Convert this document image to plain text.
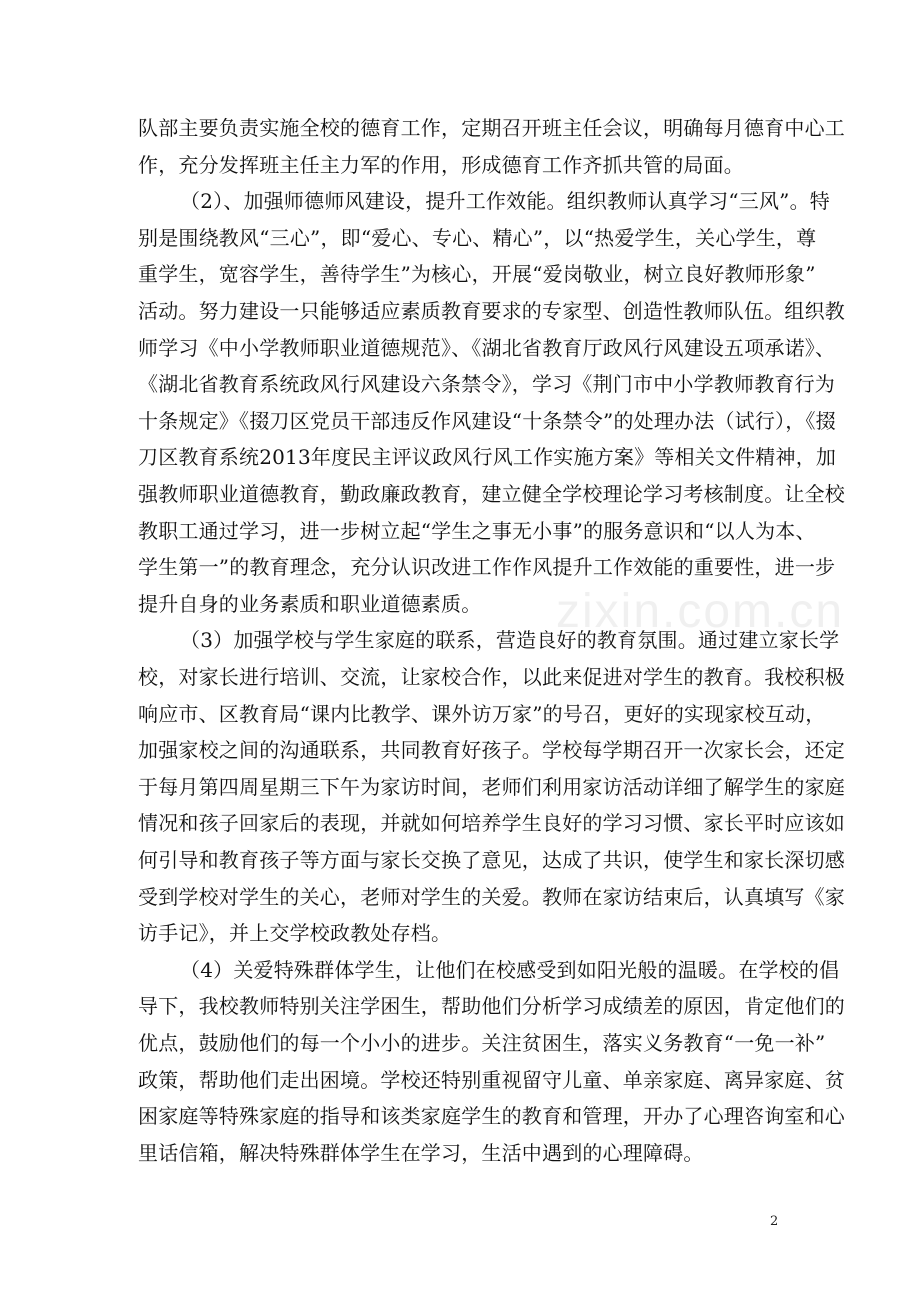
队部主要负责实施全校的德育工作，定期召开班主任会议，明确每月德育中心工
作，充分发挥班主任主力军的作用，形成德育工作齐抓共管的局面。
（2）、加强师德师风建设，提升工作效能。组织教师认真学习“三风”。特
别是围绕教风“三心”，即“爱心、专心、精心”，以“热爱学生，关心学生，尊
重学生，宽容学生，善待学生”为核心，开展“爱岗敬业，树立良好教师形象”
活动。努力建设一只能够适应素质教育要求的专家型、创造性教师队伍。组织教
师学习《中小学教师职业道德规范》、《湖北省教育厅政风行风建设五项承诺》、
《湖北省教育系统政风行风建设六条禁令》，学习《荆门市中小学教师教育行为
十条规定》《掇刀区党员干部违反作风建设“十条禁令”的处理办法（试行），《掇
刀区教育系统2013年度民主评议政风行风工作实施方案》等相关文件精神，加
强教师职业道德教育，勤政廉政教育，建立健全学校理论学习考核制度。让全校
教职工通过学习，进一步树立起“学生之事无小事”的服务意识和“以人为本、
学生第一”的教育理念，充分认识改进工作作风提升工作效能的重要性，进一步
提升自身的业务素质和职业道德素质。
（3）加强学校与学生家庭的联系，营造良好的教育氛围。通过建立家长学
校，对家长进行培训、交流，让家校合作，以此来促进对学生的教育。我校积极
响应市、区教育局“课内比教学、课外访万家”的号召，更好的实现家校互动，
加强家校之间的沟通联系，共同教育好孩子。学校每学期召开一次家长会，还定
于每月第四周星期三下午为家访时间，老师们利用家访活动详细了解学生的家庭
情况和孩子回家后的表现，并就如何培养学生良好的学习习惯、家长平时应该如
何引导和教育孩子等方面与家长交换了意见，达成了共识，使学生和家长深切感
受到学校对学生的关心，老师对学生的关爱。教师在家访结束后，认真填写《家
访手记》，并上交学校政教处存档。
（4）关爱特殊群体学生，让他们在校感受到如阳光般的温暖。在学校的倡
导下，我校教师特别关注学困生，帮助他们分析学习成绩差的原因，肯定他们的
优点，鼓励他们的每一个小小的进步。关注贫困生，落实义务教育“一免一补”
政策，帮助他们走出困境。学校还特别重视留守儿童、单亲家庭、离异家庭、贫
困家庭等特殊家庭的指导和该类家庭学生的教育和管理，开办了心理咨询室和心
zixin.com.cn
2
里话信箱，解决特殊群体学生在学习，生活中遇到的心理障碍。
